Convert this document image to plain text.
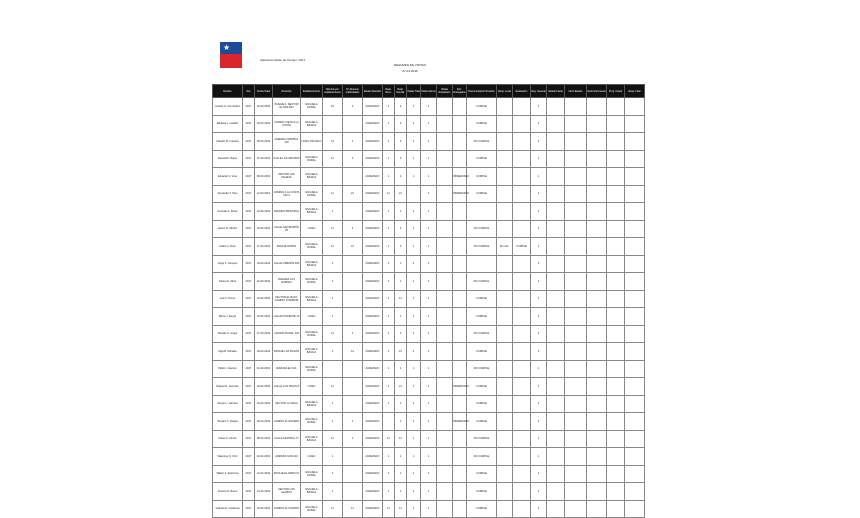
★
Aplicación Modo de Tiempo: 2017
RESUMEN DE VISITAS
07-01-2019
Nombre	Rut	Fecha Visita	Dirección	Establecimiento	Minutos por establecimiento	N° Alumnos matriculados	Estado Revisión	Resp. Direc.	Resp. Escolar	Visitas Total	Visita Informe	Visitas Evaluación	Doc. Entregados	Documentación Revisión	Resp. Local	Evaluación	Reg. General	Estado Fiscal	Inicio Estado	Inicio Documento	Prog. Actual	Resp. Final
Andrés G. Fernández	2017	01-03-2019	PASAJE 4, SECTOR EL MOLINO	ESCUELA RURAL	31	4	AVANZADO	1	3	1	1			CUMPLE			1					
Bárbara L. Castillo	2017	03-03-2019	CAMINO VIEJO A LA COSTA	ESCUELA BÁSICA			AVANZADO	1	2	1	1			CUMPLE			1					
Claudio M. Fuentes	2017	05-03-2019	AVENIDA CENTRAL 120	LICEO TÉCNICO	31	4	AVANZADO	1	3	1	1			NO CUMPLE			1					
Daniela P. Rojas	2017	07-03-2019	CALLE LOS AROMOS	ESCUELA RURAL	11	2	AVANZADO	1	2	1	1			CUMPLE			1					
Eduardo S. Vera	2017	09-03-2019	SECTOR LAS PALMAS	ESCUELA BÁSICA			AVANZADO	1	2	1	1		OBSERVADO	CUMPLE			1					
Fernanda T. Soto	2017	11-03-2019	CAMINO A LA COSTA KM 4	ESCUELA RURAL	11	21	AVANZADO	11	21		1		OBSERVADO	CUMPLE			1					
Gonzalo A. Pérez	2017	13-03-2019	AVENIDA PRINCIPAL	ESCUELA BÁSICA	1		AVANZADO	1	1	1	1						1					
Héctor R. Muñoz	2017	15-03-2019	CALLE SAN MARTÍN 45	LICEO	11	2	AVANZADO	1	2	1	1			NO CUMPLE			1					
Isabel C. Díaz	2017	17-03-2019	PASAJE NORTE	ESCUELA RURAL	11	21	AVANZADO	1	2	1	1			NO CUMPLE	Sin obs.	CUMPLE	1					
Jorge V. Campos	2017	19-03-2019	CALLE ORIENTE 300	ESCUELA BÁSICA	1		AVANZADO	1	1	1	1						1					
Karina E. Silva	2017	21-03-2019	AVENIDA LOS ROBLES	ESCUELA RURAL	1		AVANZADO	1	1	1	1			NO CUMPLE			1					
Luis F. Torres	2017	23-03-2019	SECTOR EL BAJO, CAMINO INTERIOR	ESCUELA BÁSICA	1		AVANZADO	1	11	1	1			CUMPLE			1					
María J. Reyes	2017	25-03-2019	CALLE PONIENTE 12	LICEO	1		AVANZADO	1	1	1	1			CUMPLE			1					
Nicolás O. Araya	2017	27-03-2019	CAMINO RURAL S/N	ESCUELA RURAL	11	2	AVANZADO	1	2	1	1			NO CUMPLE			1					
Olga B. Morales	2017	29-03-2019	PASAJE LAS ROSAS	ESCUELA BÁSICA	1	11	AVANZADO	1	21	1	1			CUMPLE			1					
Pablo I. Navarro	2017	31-03-2019	AVENIDA EL SOL	ESCUELA RURAL			AVANZADO	1	1	1	1			NO CUMPLE			1					
Raquel N. Guzmán	2017	02-04-2019	CALLE LOS PINOS 8	LICEO	11		AVANZADO	1	21	1	1		OBSERVADO	CUMPLE			1					
Sergio U. Herrera	2017	04-04-2019	SECTOR LA VEGA	ESCUELA BÁSICA	1		AVANZADO	1	1	1	1			CUMPLE			1					
Tamara X. Vargas	2017	06-04-2019	CAMINO AL ESTERO	ESCUELA RURAL	1	2	AVANZADO		1	1	1		OBSERVADO	CUMPLE			1					
Ulises K. Flores	2017	08-04-2019	CALLE CENTRAL 77	ESCUELA BÁSICA	11	1	AVANZADO	11	11	1	1			NO CUMPLE			1					
Valentina Q. Ortiz	2017	10-04-2019	AVENIDA SUR 210	LICEO	1		AVANZADO	1	1	1	1			NO CUMPLE			1					
Walter Z. Espinoza	2017	12-04-2019	PASAJE EL ARROYO	ESCUELA RURAL	1		AVANZADO	1	1	1	1			CUMPLE			1					
Ximena H. Bravo	2017	14-04-2019	SECTOR LOS ALAMOS	ESCUELA BÁSICA	1		AVANZADO	1	1	1	1			CUMPLE			1					
Yolanda D. Cárdenas	2017	16-04-2019	CAMINO AL PUERTO	ESCUELA RURAL	11	11	AVANZADO	11	11	1	1			CUMPLE			1					
